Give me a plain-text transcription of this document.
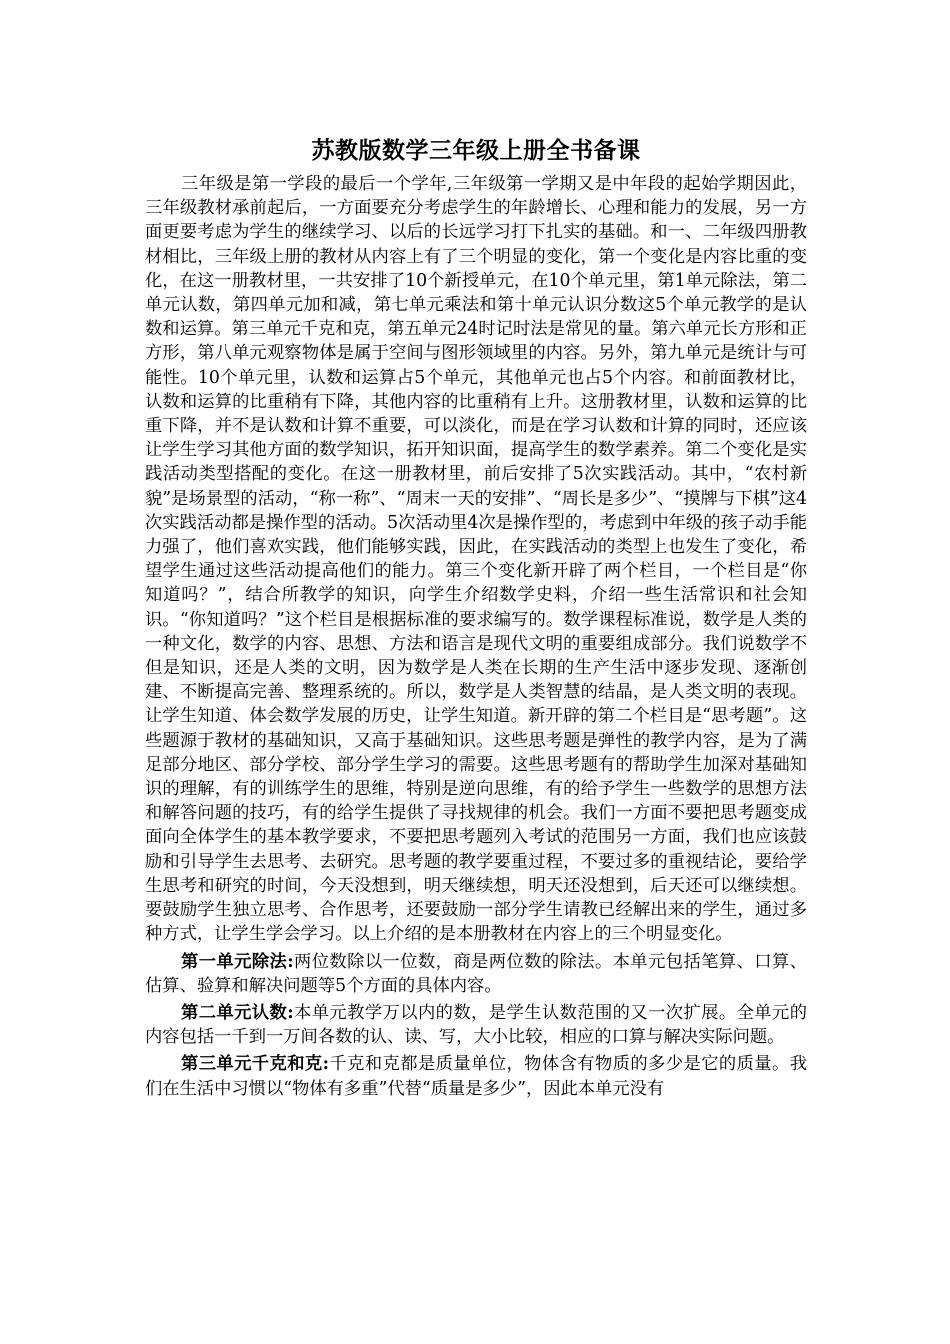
苏教版数学三年级上册全书备课

三年级是第一学段的最后一个学年,三年级第一学期又是中年段的起始学期因此，三年级教材承前起后，一方面要充分考虑学生的年龄增长、心理和能力的发展，另一方面更要考虑为学生的继续学习、以后的长远学习打下扎实的基础。和一、二年级四册教材相比，三年级上册的教材从内容上有了三个明显的变化，第一个变化是内容比重的变化，在这一册教材里，一共安排了10个新授单元，在10个单元里，第1单元除法，第二单元认数，第四单元加和减，第七单元乘法和第十单元认识分数这5个单元教学的是认数和运算。第三单元千克和克，第五单元24时记时法是常见的量。第六单元长方形和正方形，第八单元观察物体是属于空间与图形领域里的内容。另外，第九单元是统计与可能性。10个单元里，认数和运算占5个单元，其他单元也占5个内容。和前面教材比，认数和运算的比重稍有下降，其他内容的比重稍有上升。这册教材里，认数和运算的比重下降，并不是认数和计算不重要，可以淡化，而是在学习认数和计算的同时，还应该让学生学习其他方面的数学知识，拓开知识面，提高学生的数学素养。第二个变化是实践活动类型搭配的变化。在这一册教材里，前后安排了5次实践活动。其中，“农村新貌”是场景型的活动，“称一称”、“周末一天的安排”、“周长是多少”、“摸牌与下棋”这4次实践活动都是操作型的活动。5次活动里4次是操作型的，考虑到中年级的孩子动手能力强了，他们喜欢实践，他们能够实践，因此，在实践活动的类型上也发生了变化，希望学生通过这些活动提高他们的能力。第三个变化新开辟了两个栏目，一个栏目是“你知道吗？”，结合所教学的知识，向学生介绍数学史料，介绍一些生活常识和社会知识。“你知道吗？”这个栏目是根据标准的要求编写的。数学课程标准说，数学是人类的一种文化，数学的内容、思想、方法和语言是现代文明的重要组成部分。我们说数学不但是知识，还是人类的文明，因为数学是人类在长期的生产生活中逐步发现、逐渐创建、不断提高完善、整理系统的。所以，数学是人类智慧的结晶，是人类文明的表现。让学生知道、体会数学发展的历史，让学生知道。新开辟的第二个栏目是“思考题”。这些题源于教材的基础知识，又高于基础知识。这些思考题是弹性的教学内容，是为了满足部分地区、部分学校、部分学生学习的需要。这些思考题有的帮助学生加深对基础知识的理解，有的训练学生的思维，特别是逆向思维，有的给予学生一些数学的思想方法和解答问题的技巧，有的给学生提供了寻找规律的机会。我们一方面不要把思考题变成面向全体学生的基本教学要求，不要把思考题列入考试的范围另一方面，我们也应该鼓励和引导学生去思考、去研究。思考题的教学要重过程，不要过多的重视结论，要给学生思考和研究的时间，今天没想到，明天继续想，明天还没想到，后天还可以继续想。要鼓励学生独立思考、合作思考，还要鼓励一部分学生请教已经解出来的学生，通过多种方式，让学生学会学习。以上介绍的是本册教材在内容上的三个明显变化。

第一单元除法:两位数除以一位数，商是两位数的除法。本单元包括笔算、口算、估算、验算和解决问题等5个方面的具体内容。

第二单元认数:本单元教学万以内的数，是学生认数范围的又一次扩展。全单元的内容包括一千到一万间各数的认、读、写，大小比较，相应的口算与解决实际问题。

第三单元千克和克:千克和克都是质量单位，物体含有物质的多少是它的质量。我们在生活中习惯以“物体有多重”代替“质量是多少”，因此本单元没有
